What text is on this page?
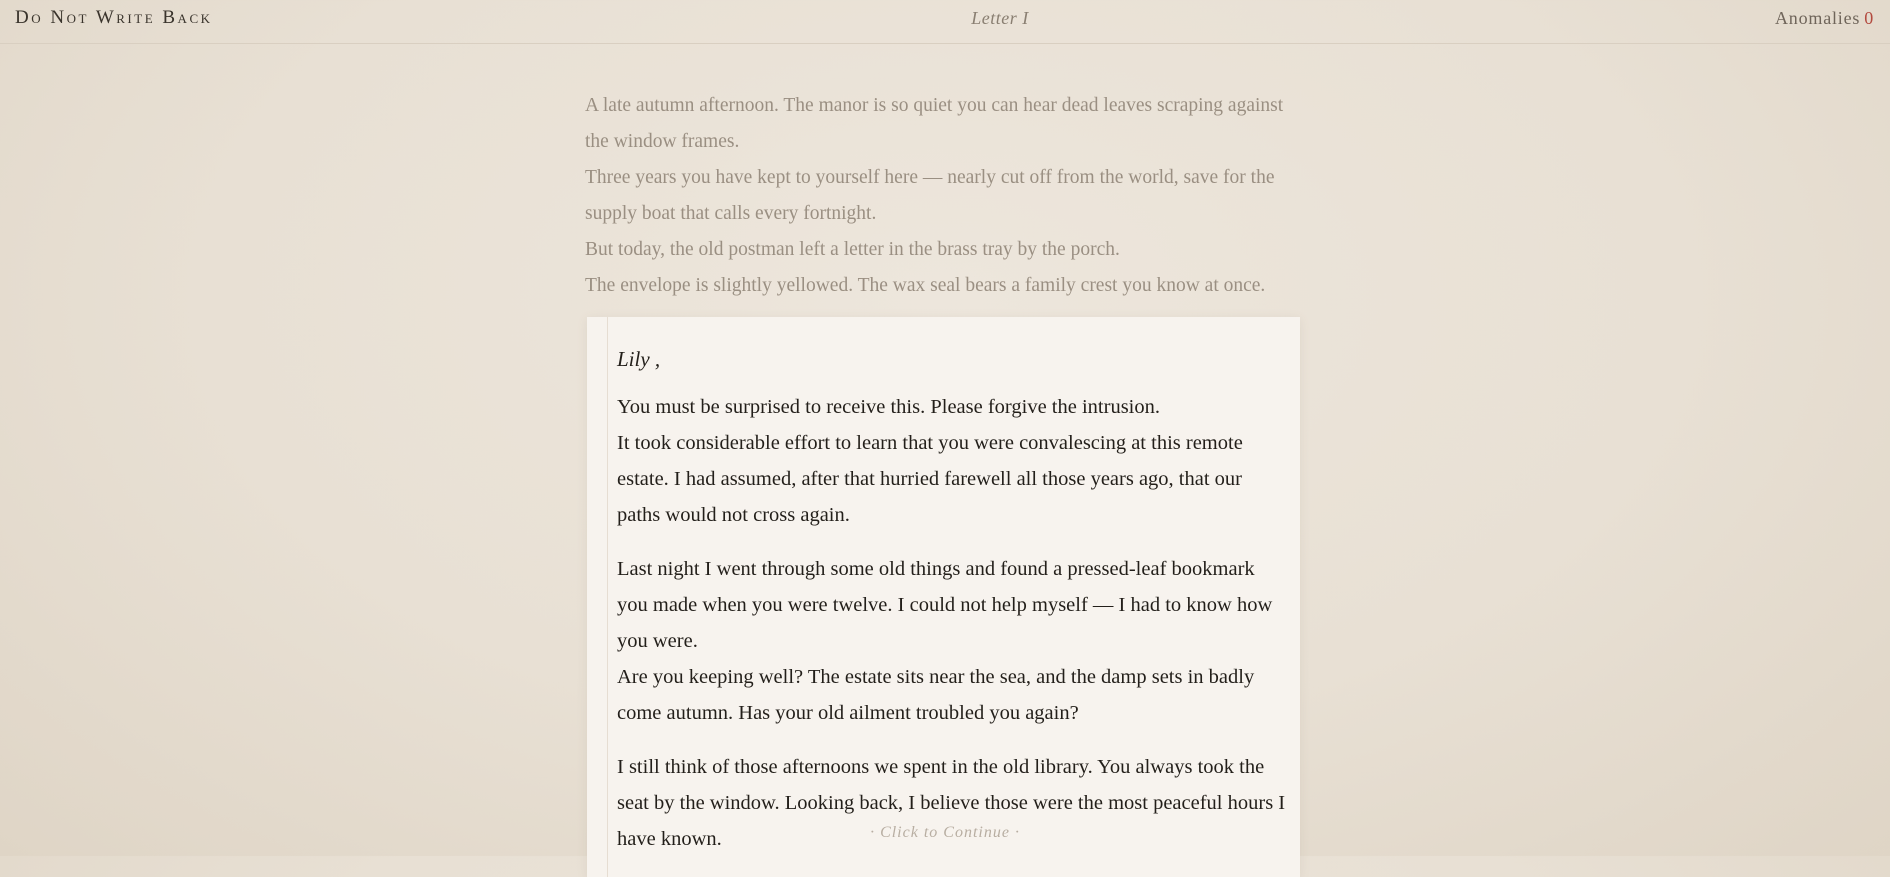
Do Not Write Back	Letter I	Anomalies 0

A late autumn afternoon. The manor is so quiet you can hear dead leaves scraping against the window frames.

Three years you have kept to yourself here — nearly cut off from the world, save for the supply boat that calls every fortnight.

But today, the old postman left a letter in the brass tray by the porch.

The envelope is slightly yellowed. The wax seal bears a family crest you know at once.

Lily ,

You must be surprised to receive this. Please forgive the intrusion.

It took considerable effort to learn that you were convalescing at this remote estate. I had assumed, after that hurried farewell all those years ago, that our paths would not cross again.

Last night I went through some old things and found a pressed-leaf bookmark you made when you were twelve. I could not help myself — I had to know how you were.

Are you keeping well? The estate sits near the sea, and the damp sets in badly come autumn. Has your old ailment troubled you again?

I still think of those afternoons we spent in the old library. You always took the seat by the window. Looking back, I believe those were the most peaceful hours I have known.	· Click to Continue ·
